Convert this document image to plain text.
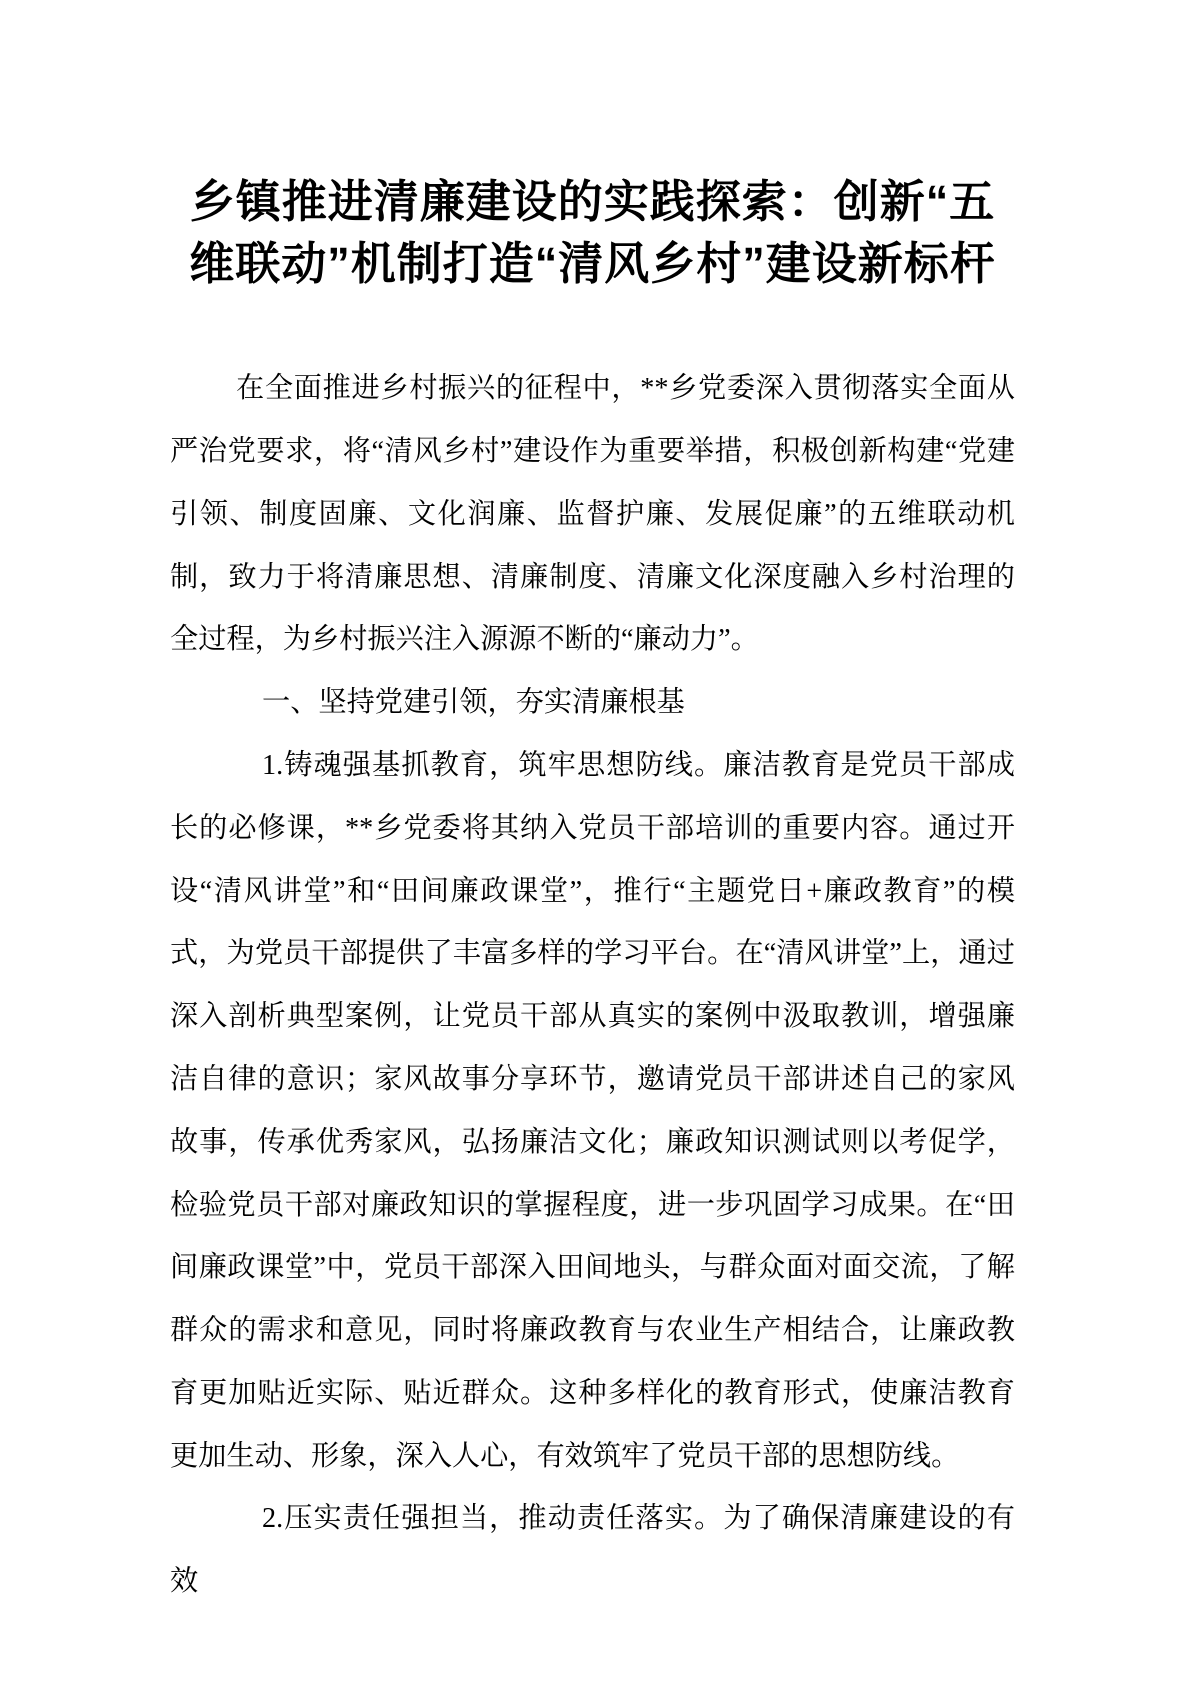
乡镇推进清廉建设的实践探索：创新“五维联动”机制打造“清风乡村”建设新标杆

在全面推进乡村振兴的征程中，**乡党委深入贯彻落实全面从严治党要求，将“清风乡村”建设作为重要举措，积极创新构建“党建引领、制度固廉、文化润廉、监督护廉、发展促廉”的五维联动机制，致力于将清廉思想、清廉制度、清廉文化深度融入乡村治理的全过程，为乡村振兴注入源源不断的“廉动力”。

一、坚持党建引领，夯实清廉根基

1.铸魂强基抓教育，筑牢思想防线。廉洁教育是党员干部成长的必修课，**乡党委将其纳入党员干部培训的重要内容。通过开设“清风讲堂”和“田间廉政课堂”，推行“主题党日+廉政教育”的模式，为党员干部提供了丰富多样的学习平台。在“清风讲堂”上，通过深入剖析典型案例，让党员干部从真实的案例中汲取教训，增强廉洁自律的意识；家风故事分享环节，邀请党员干部讲述自己的家风故事，传承优秀家风，弘扬廉洁文化；廉政知识测试则以考促学，检验党员干部对廉政知识的掌握程度，进一步巩固学习成果。在“田间廉政课堂”中，党员干部深入田间地头，与群众面对面交流，了解群众的需求和意见，同时将廉政教育与农业生产相结合，让廉政教育更加贴近实际、贴近群众。这种多样化的教育形式，使廉洁教育更加生动、形象，深入人心，有效筑牢了党员干部的思想防线。

2.压实责任强担当，推动责任落实。为了确保清廉建设的有效
